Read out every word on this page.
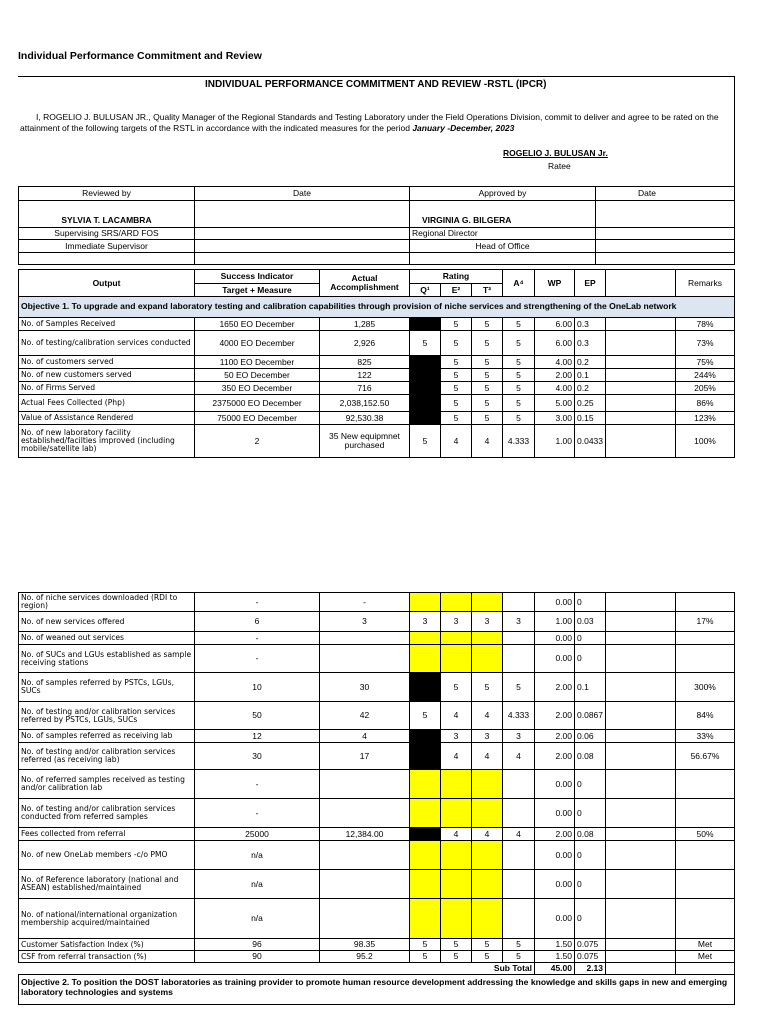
Individual Performance Commitment and Review
INDIVIDUAL PERFORMANCE COMMITMENT AND REVIEW -RSTL (IPCR)

I, ROGELIO J. BULUSAN JR., Quality Manager of the Regional Standards and Testing Laboratory under the Field Operations Division, commit to deliver and agree to be rated on the attainment of the following targets of the RSTL in accordance with the indicated measures for the period January -December, 2023

ROGELIO J. BULUSAN Jr.
Ratee

Reviewed by	Date	Approved by	Date

SYLVIA T. LACAMBRA		VIRGINIA G. BILGERA	
Supervising SRS/ARD FOS		Regional Director	
Immediate Supervisor		Head of Office	

Output	Success Indicator	Actual Accomplishment	Rating			A⁴	WP	EP		Remarks
	Target + Measure		Q¹	E²	T³					
Objective 1. To upgrade and expand laboratory testing and calibration capabilities through provision of niche services and strengthening of the OneLab network										
No. of Samples Received	1650 EO December	1,285		5	5	5	6.00	0.3		78%
No. of testing/calibration services conducted	4000 EO December	2,926	5	5	5	5	6.00	0.3		73%
No. of customers served	1100 EO December	825		5	5	5	4.00	0.2		75%
No. of new customers served	50 EO December	122		5	5	5	2.00	0.1		244%
No. of Firms Served	350 EO December	716		5	5	5	4.00	0.2		205%
Actual Fees Collected (Php)	2375000 EO December	2,038,152.50		5	5	5	5.00	0.25		86%
Value of Assistance Rendered	75000 EO December	92,530.38		5	5	5	3.00	0.15		123%
No. of new laboratory facility established/facilties improved (including mobile/satellite lab)	2	35 New equipmnet purchased	5	4	4	4.333	1.00	0.0433		100%
No. of niche services downloaded (RDI to region)	-	-					0.00	0		
No. of new services offered	6	3	3	3	3	3	1.00	0.03		17%
No. of weaned out services	-						0.00	0		
No. of SUCs and LGUs established as sample receiving stations	-						0.00	0		
No. of samples referred by PSTCs, LGUs, SUCs	10	30		5	5	5	2.00	0.1		300%
No. of testing and/or calibration services referred by PSTCs, LGUs, SUCs	50	42	5	4	4	4.333	2.00	0.0867		84%
No. of samples referred as receiving lab	12	4		3	3	3	2.00	0.06		33%
No. of testing and/or calibration services referred (as receiving lab)	30	17		4	4	4	2.00	0.08		56.67%
No. of referred samples received as testing and/or calibration lab	-						0.00	0		
No. of testing and/or calibration services conducted from referred samples	-						0.00	0		
Fees collected from referral	25000	12,384.00		4	4	4	2.00	0.08		50%
No. of new OneLab members -c/o PMO	n/a						0.00	0		
No. of Reference laboratory (national and ASEAN) established/maintained	n/a						0.00	0		
No. of national/international organization membership acquired/maintained	n/a						0.00	0		
Customer Satisfaction Index (%)	96	98.35	5	5	5	5	1.50	0.075		Met
CSF from referral transaction (%)	90	95.2	5	5	5	5	1.50	0.075		Met
					Sub Total		45.00	2.13		
Objective 2. To position the DOST laboratories as training provider to promote human resource development addressing the knowledge and skills gaps in new and emerging laboratory technologies and systems										
